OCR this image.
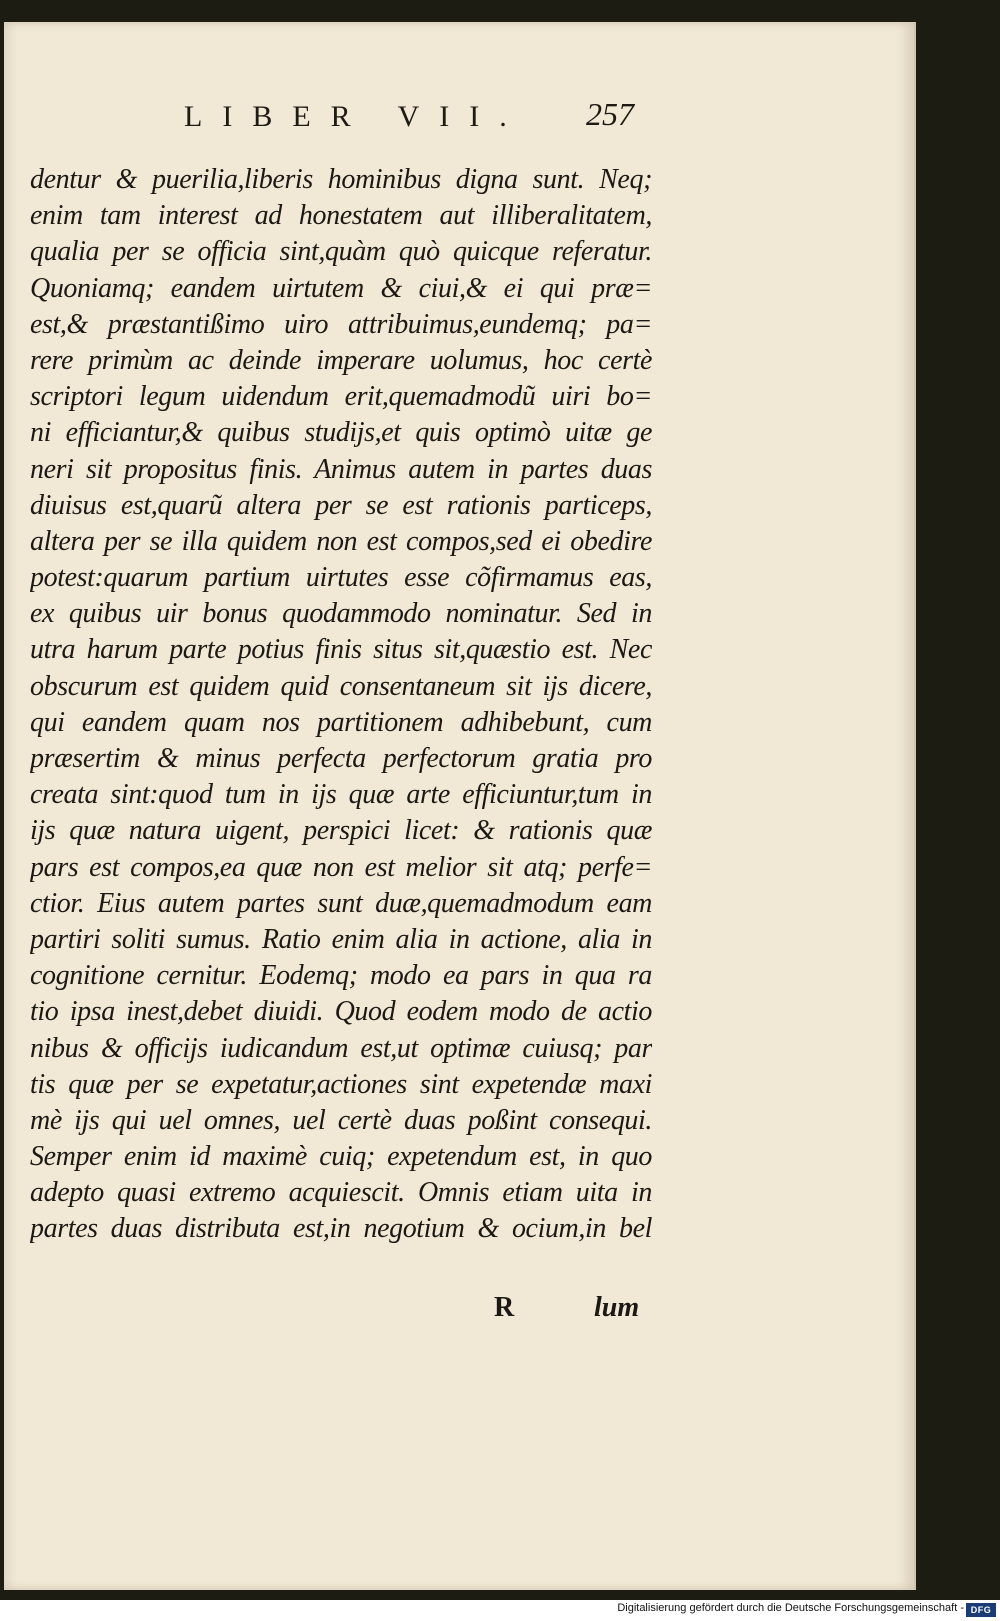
LIBER VII. 257
dentur & puerilia,liberis hominibus digna sunt. Neq;
enim tam interest ad honestatem aut illiberalitatem,
qualia per se officia sint,quàm quò quicque referatur.
Quoniamq; eandem uirtutem & ciui,& ei qui præ=
est,& præstantißimo uiro attribuimus,eundemq; pa=
rere primùm ac deinde imperare uolumus, hoc certè
scriptori legum uidendum erit,quemadmodũ uiri bo=
ni efficiantur,& quibus studijs,et quis optimò uitæ ge
neri sit propositus finis. Animus autem in partes duas
diuisus est,quarũ altera per se est rationis particeps,
altera per se illa quidem non est compos,sed ei obedire
potest:quarum partium uirtutes esse cõfirmamus eas,
ex quibus uir bonus quodammodo nominatur. Sed in
utra harum parte potius finis situs sit,quæstio est. Nec
obscurum est quidem quid consentaneum sit ijs dicere,
qui eandem quam nos partitionem adhibebunt, cum
præsertim & minus perfecta perfectorum gratia pro
creata sint:quod tum in ijs quæ arte efficiuntur,tum in
ijs quæ natura uigent, perspici licet: & rationis quæ
pars est compos,ea quæ non est melior sit atq; perfe=
ctior. Eius autem partes sunt duæ,quemadmodum eam
partiri soliti sumus. Ratio enim alia in actione, alia in
cognitione cernitur. Eodemq; modo ea pars in qua ra
tio ipsa inest,debet diuidi. Quod eodem modo de actio
nibus & officijs iudicandum est,ut optimæ cuiusq; par
tis quæ per se expetatur,actiones sint expetendæ maxi
mè ijs qui uel omnes, uel certè duas poßint consequi.
Semper enim id maximè cuiq; expetendum est, in quo
adepto quasi extremo acquiescit. Omnis etiam uita in
partes duas distributa est,in negotium & ocium,in bel
R	lum
Digitalisierung gefördert durch die Deutsche Forschungsgemeinschaft - DFG
